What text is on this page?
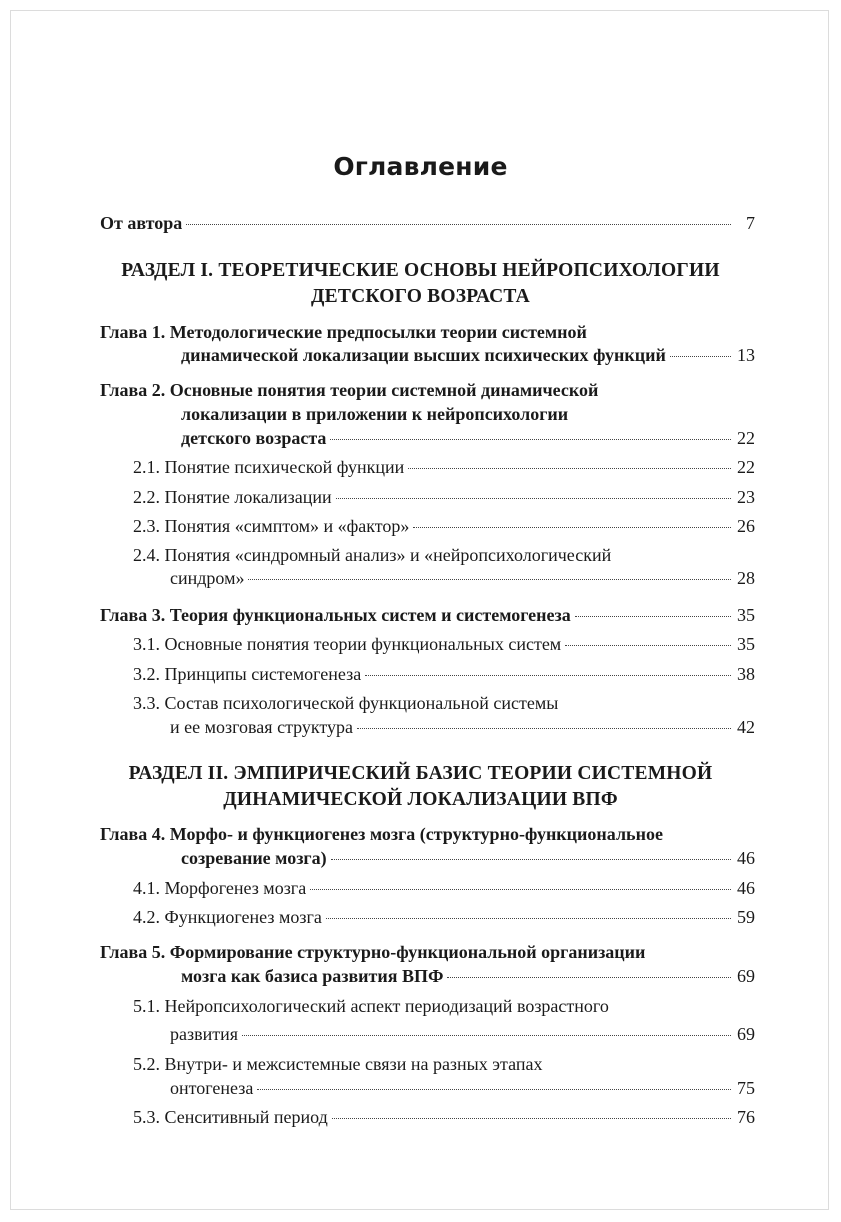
Оглавление
От автора	7
РАЗДЕЛ I. ТЕОРЕТИЧЕСКИЕ ОСНОВЫ НЕЙРОПСИХОЛОГИИ
ДЕТСКОГО ВОЗРАСТА
Глава 1. Методологические предпосылки теории системной
динамической локализации высших психических функций	13
Глава 2. Основные понятия теории системной динамической
локализации в приложении к нейропсихологии
детского возраста	22
2.1. Понятие психической функции	22
2.2. Понятие локализации	23
2.3. Понятия «симптом» и «фактор»	26
2.4. Понятия «синдромный анализ» и «нейропсихологический
синдром»	28
Глава 3. Теория функциональных систем и системогенеза	35
3.1. Основные понятия теории функциональных систем	35
3.2. Принципы системогенеза	38
3.3. Состав психологической функциональной системы
и ее мозговая структура	42
РАЗДЕЛ II. ЭМПИРИЧЕСКИЙ БАЗИС ТЕОРИИ СИСТЕМНОЙ
ДИНАМИЧЕСКОЙ ЛОКАЛИЗАЦИИ ВПФ
Глава 4. Морфо- и функциогенез мозга (структурно-функциональное
созревание мозга)	46
4.1. Морфогенез мозга	46
4.2. Функциогенез мозга	59
Глава 5. Формирование структурно-функциональной организации
мозга как базиса развития ВПФ	69
5.1. Нейропсихологический аспект периодизаций возрастного
развития	69
5.2. Внутри- и межсистемные связи на разных этапах
онтогенеза	75
5.3. Сенситивный период	76
